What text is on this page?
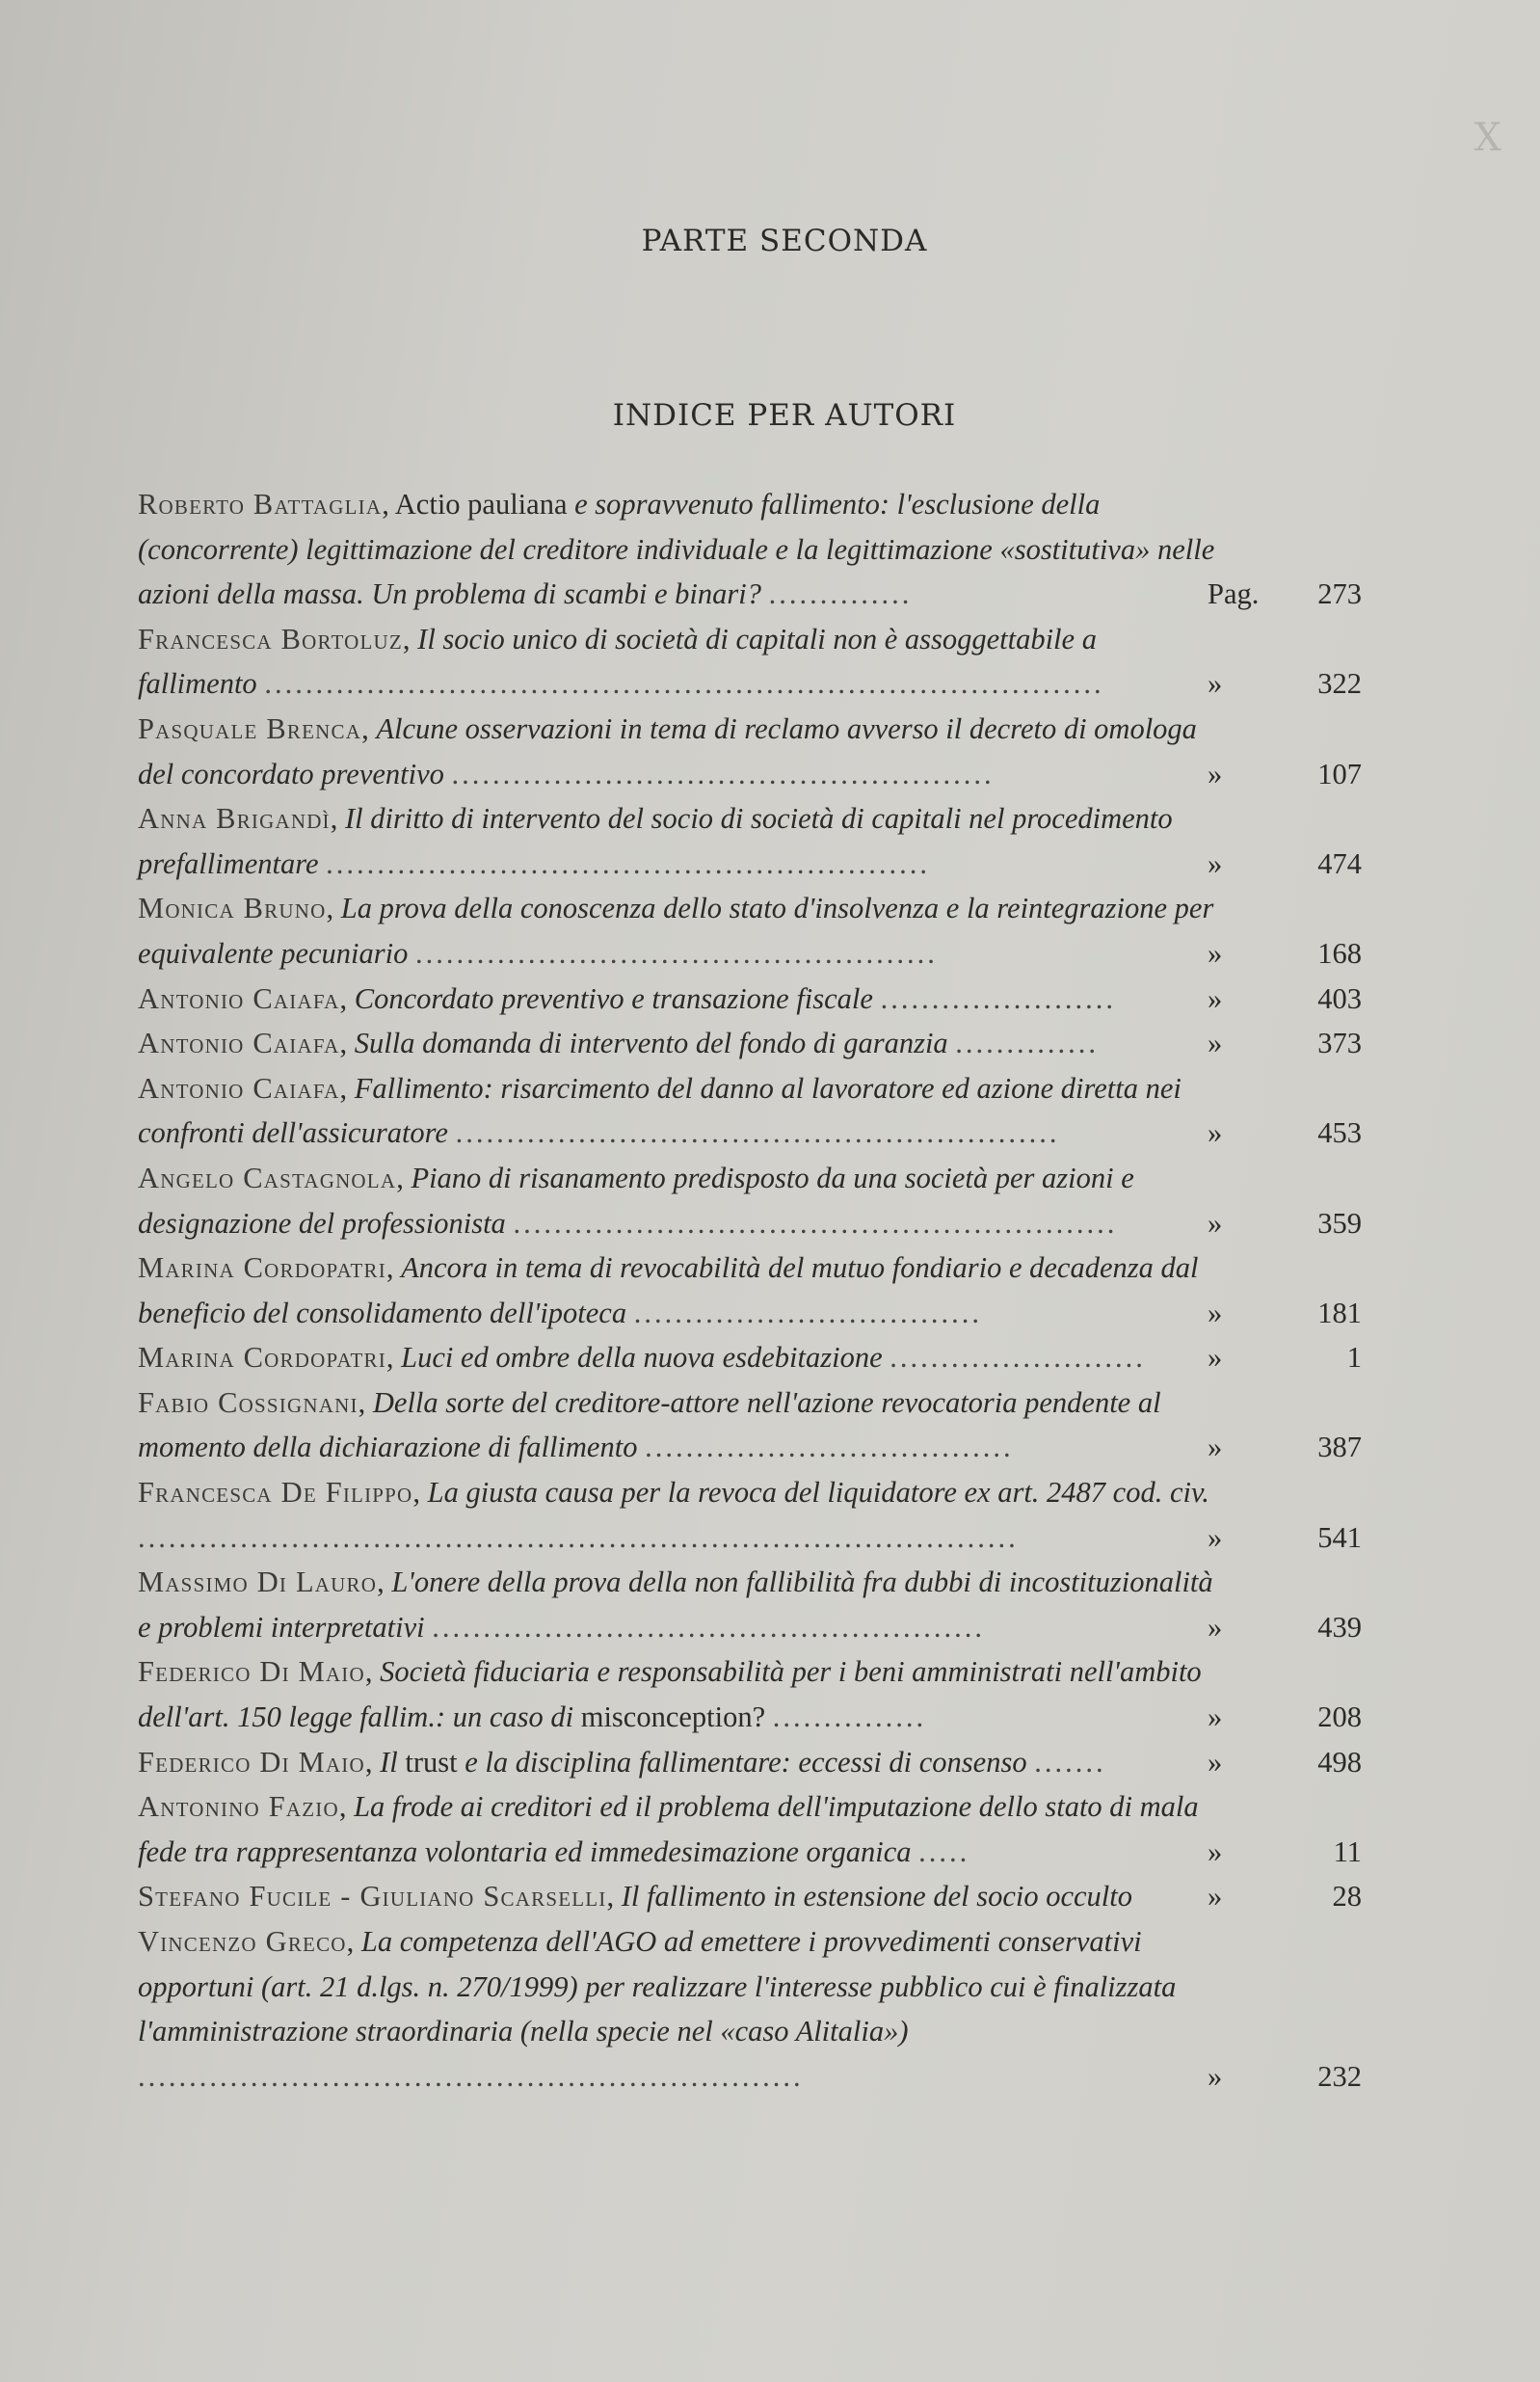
X
PARTE SECONDA
INDICE PER AUTORI
Roberto Battaglia, Actio pauliana e sopravvenuto fallimento: l'esclusione della (concorrente) legittimazione del creditore individuale e la legittimazione «sostitutiva» nelle azioni della massa. Un problema di scambi e binari? ..............	Pag. 273
Francesca Bortoluz, Il socio unico di società di capitali non è assoggettabile a fallimento ..................................................................................	»	322
Pasquale Brenca, Alcune osservazioni in tema di reclamo avverso il decreto di omologa del concordato preventivo .....................................................	»	107
Anna Brigandì, Il diritto di intervento del socio di società di capitali nel procedimento prefallimentare ...........................................................	»	474
Monica Bruno, La prova della conoscenza dello stato d'insolvenza e la reintegrazione per equivalente pecuniario ...................................................	»	168
Antonio Caiafa, Concordato preventivo e transazione fiscale .......................	»	403
Antonio Caiafa, Sulla domanda di intervento del fondo di garanzia ..............	»	373
Antonio Caiafa, Fallimento: risarcimento del danno al lavoratore ed azione diretta nei confronti dell'assicuratore ...........................................................	»	453
Angelo Castagnola, Piano di risanamento predisposto da una società per azioni e designazione del professionista ...........................................................	»	359
Marina Cordopatri, Ancora in tema di revocabilità del mutuo fondiario e decadenza dal beneficio del consolidamento dell'ipoteca ..................................	»	181
Marina Cordopatri, Luci ed ombre della nuova esdebitazione .........................	»	1
Fabio Cossignani, Della sorte del creditore-attore nell'azione revocatoria pendente al momento della dichiarazione di fallimento ....................................	»	387
Francesca De Filippo, La giusta causa per la revoca del liquidatore ex art. 2487 cod. civ. ......................................................................................	»	541
Massimo Di Lauro, L'onere della prova della non fallibilità fra dubbi di incostituzionalità e problemi interpretativi ......................................................	»	439
Federico Di Maio, Società fiduciaria e responsabilità per i beni amministrati nell'ambito dell'art. 150 legge fallim.: un caso di misconception? ...............	»	208
Federico Di Maio, Il trust e la disciplina fallimentare: eccessi di consenso .......	»	498
Antonino Fazio, La frode ai creditori ed il problema dell'imputazione dello stato di mala fede tra rappresentanza volontaria ed immedesimazione organica .....	»	11
Stefano Fucile - Giuliano Scarselli, Il fallimento in estensione del socio occulto	»	28
Vincenzo Greco, La competenza dell'AGO ad emettere i provvedimenti conservativi opportuni (art. 21 d.lgs. n. 270/1999) per realizzare l'interesse pubblico cui è finalizzata l'amministrazione straordinaria (nella specie nel «caso Alitalia») .................................................................	»	232
